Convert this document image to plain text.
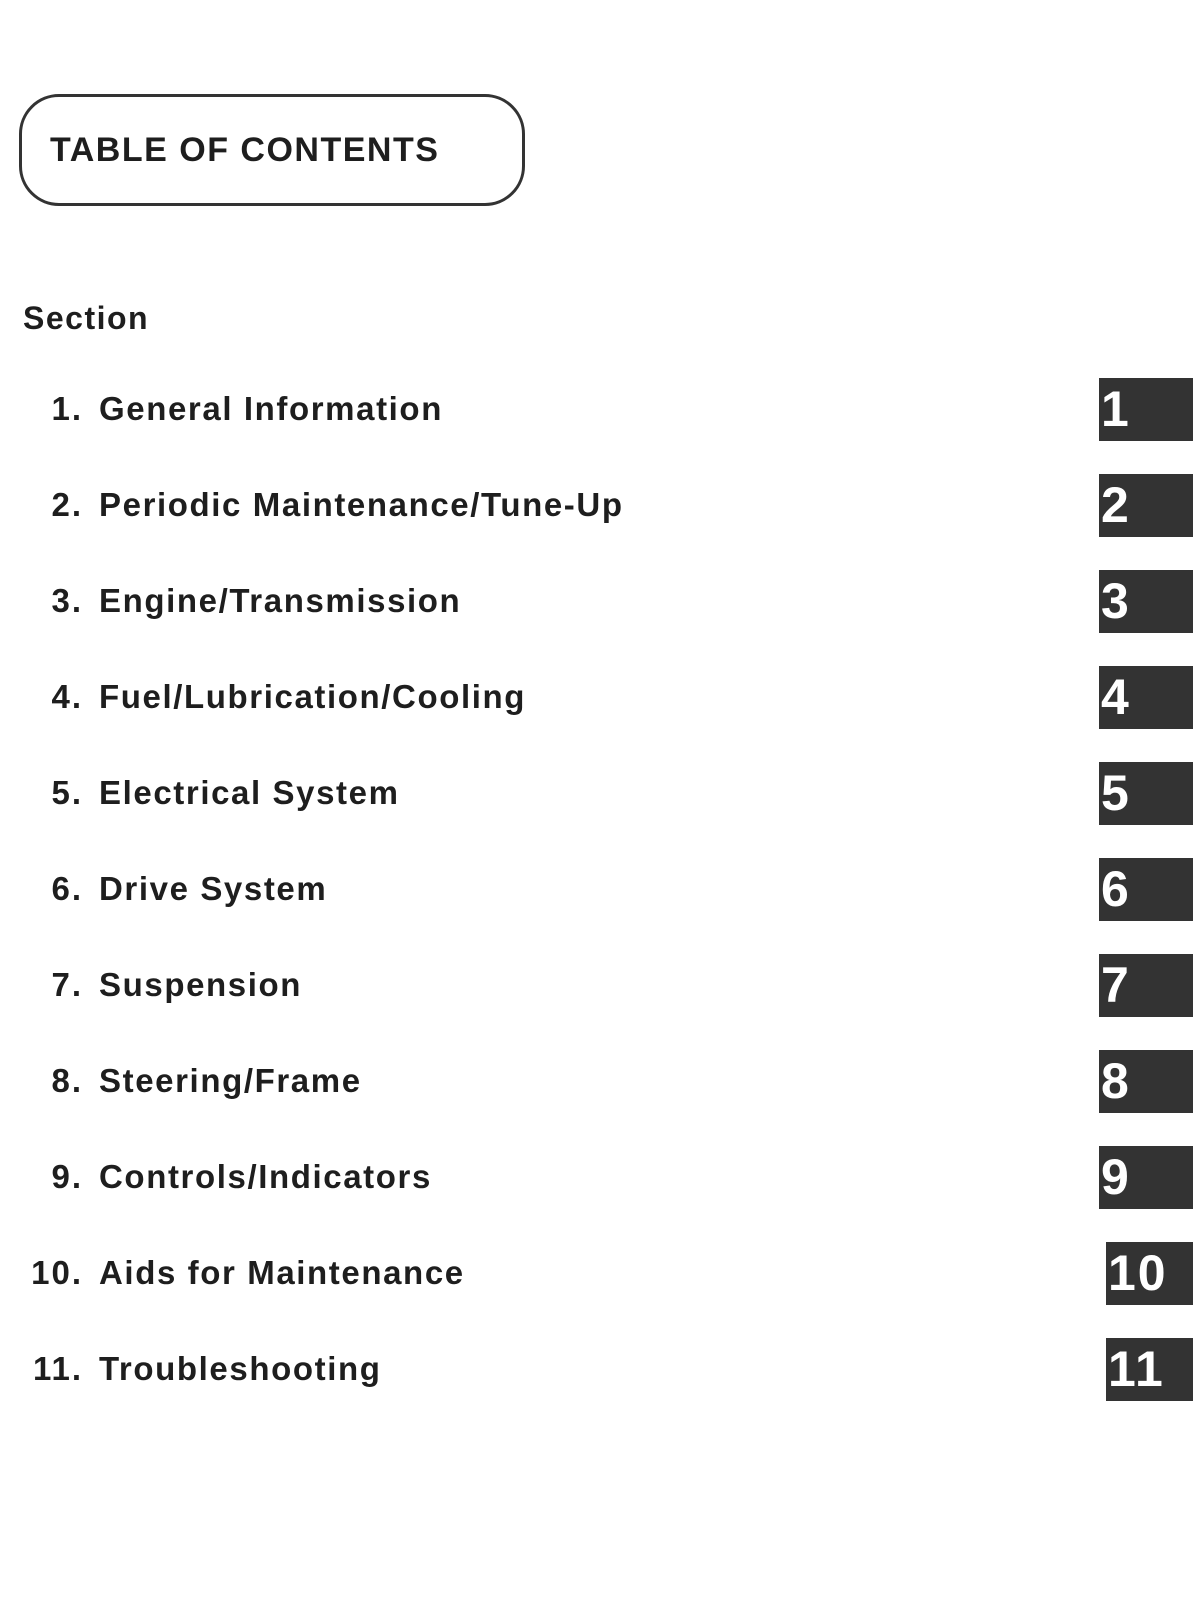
TABLE OF CONTENTS
Section
1. General Information	1
2. Periodic Maintenance/Tune-Up	2
3. Engine/Transmission	3
4. Fuel/Lubrication/Cooling	4
5. Electrical System	5
6. Drive System	6
7. Suspension	7
8. Steering/Frame	8
9. Controls/Indicators	9
10. Aids for Maintenance	10
11. Troubleshooting	11
